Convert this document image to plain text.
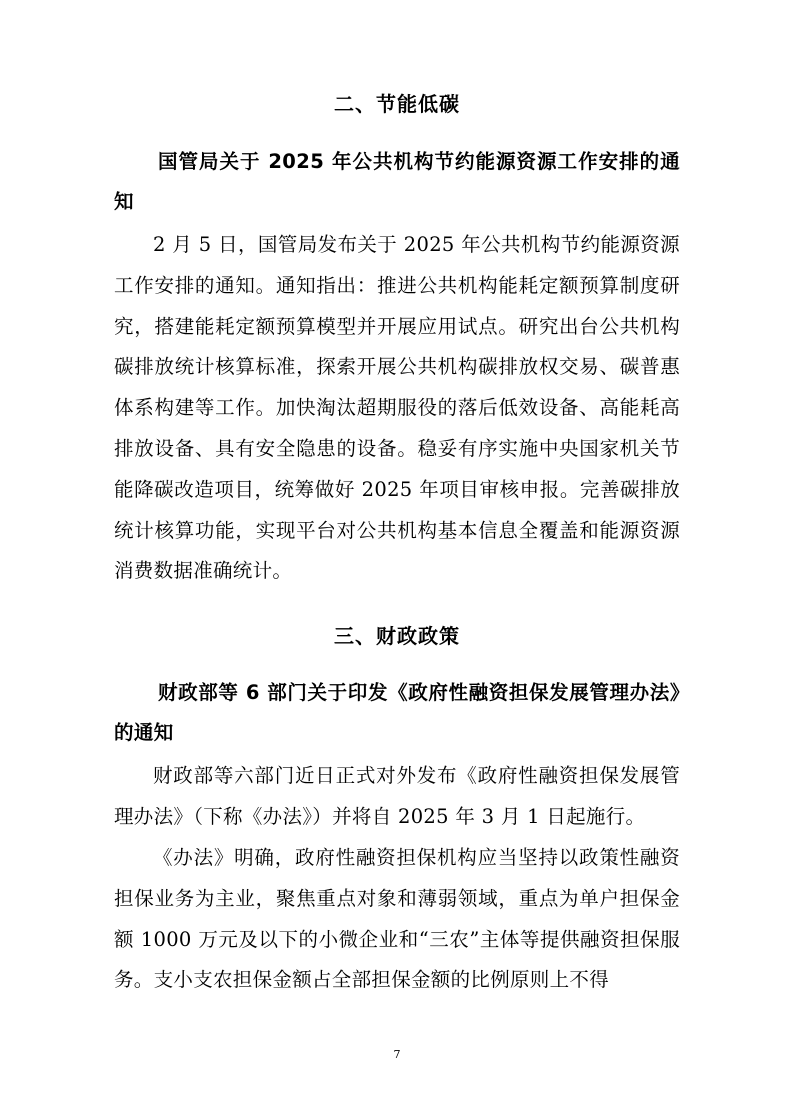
二、节能低碳
国管局关于 2025 年公共机构节约能源资源工作安排的通知
2 月 5 日，国管局发布关于 2025 年公共机构节约能源资源工作安排的通知。通知指出：推进公共机构能耗定额预算制度研究，搭建能耗定额预算模型并开展应用试点。研究出台公共机构碳排放统计核算标准，探索开展公共机构碳排放权交易、碳普惠体系构建等工作。加快淘汰超期服役的落后低效设备、高能耗高排放设备、具有安全隐患的设备。稳妥有序实施中央国家机关节能降碳改造项目，统筹做好 2025 年项目审核申报。完善碳排放统计核算功能，实现平台对公共机构基本信息全覆盖和能源资源消费数据准确统计。
三、财政政策
财政部等 6 部门关于印发《政府性融资担保发展管理办法》的通知
财政部等六部门近日正式对外发布《政府性融资担保发展管理办法》（下称《办法》）并将自 2025 年 3 月 1 日起施行。
《办法》明确，政府性融资担保机构应当坚持以政策性融资担保业务为主业，聚焦重点对象和薄弱领域，重点为单户担保金额 1000 万元及以下的小微企业和“三农”主体等提供融资担保服务。支小支农担保金额占全部担保金额的比例原则上不得
7
